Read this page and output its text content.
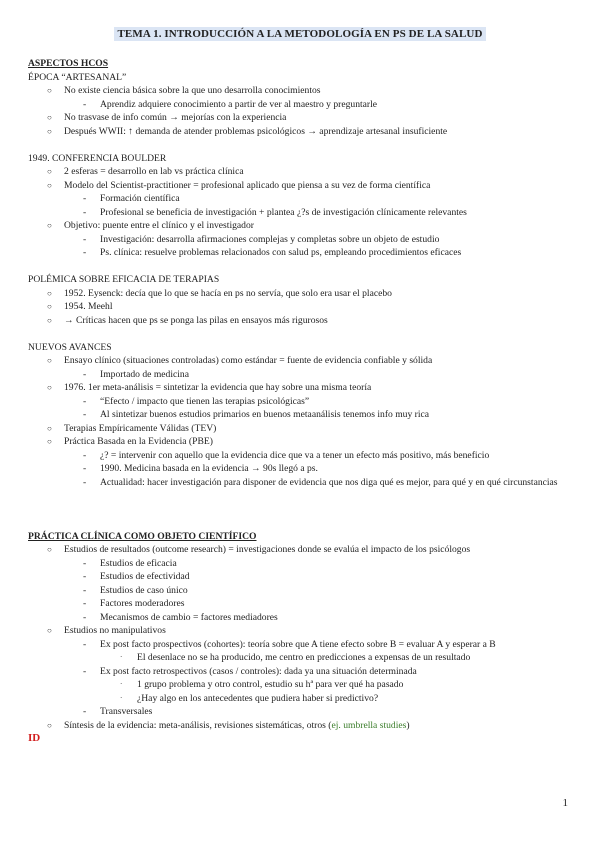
TEMA 1. INTRODUCCIÓN A LA METODOLOGÍA EN PS DE LA SALUD
ASPECTOS HCOS
ÉPOCA “ARTESANAL”
○ No existe ciencia básica sobre la que uno desarrolla conocimientos
- Aprendiz adquiere conocimiento a partir de ver al maestro y preguntarle
○ No trasvase de info común → mejorías con la experiencia
○ Después WWII: ↑ demanda de atender problemas psicológicos → aprendizaje artesanal insuficiente
1949. CONFERENCIA BOULDER
○ 2 esferas = desarrollo en lab vs práctica clínica
○ Modelo del Scientist-practitioner = profesional aplicado que piensa a su vez de forma científica
- Formación científica
- Profesional se beneficia de investigación + plantea ¿?s de investigación clínicamente relevantes
○ Objetivo: puente entre el clínico y el investigador
- Investigación: desarrolla afirmaciones complejas y completas sobre un objeto de estudio
- Ps. clínica: resuelve problemas relacionados con salud ps, empleando procedimientos eficaces
POLÉMICA SOBRE EFICACIA DE TERAPIAS
○ 1952. Eysenck: decía que lo que se hacía en ps no servía, que solo era usar el placebo
○ 1954. Meehl
○ → Críticas hacen que ps se ponga las pilas en ensayos más rigurosos
NUEVOS AVANCES
○ Ensayo clínico (situaciones controladas) como estándar = fuente de evidencia confiable y sólida
- Importado de medicina
○ 1976. 1er meta-análisis = sintetizar la evidencia que hay sobre una misma teoría
- “Efecto / impacto que tienen las terapias psicológicas”
- Al sintetizar buenos estudios primarios en buenos metaanálisis tenemos info muy rica
○ Terapias Empíricamente Válidas (TEV)
○ Práctica Basada en la Evidencia (PBE)
- ¿? = intervenir con aquello que la evidencia dice que va a tener un efecto más positivo, más beneficio
- 1990. Medicina basada en la evidencia → 90s llegó a ps.
- Actualidad: hacer investigación para disponer de evidencia que nos diga qué es mejor, para qué y en qué circunstancias
PRÁCTICA CLÍNICA COMO OBJETO CIENTÍFICO
○ Estudios de resultados (outcome research) = investigaciones donde se evalúa el impacto de los psicólogos
- Estudios de eficacia
- Estudios de efectividad
- Estudios de caso único
- Factores moderadores
- Mecanismos de cambio = factores mediadores
○ Estudios no manipulativos
- Ex post facto prospectivos (cohortes): teoría sobre que A tiene efecto sobre B = evaluar A y esperar a B
· El desenlace no se ha producido, me centro en predicciones a expensas de un resultado
- Ex post facto retrospectivos (casos / controles): dada ya una situación determinada
· 1 grupo problema y otro control, estudio su hª para ver qué ha pasado
· ¿Hay algo en los antecedentes que pudiera haber si predictivo?
- Transversales
○ Síntesis de la evidencia: meta-análisis, revisiones sistemáticas, otros (ej. umbrella studies)
ID
1
